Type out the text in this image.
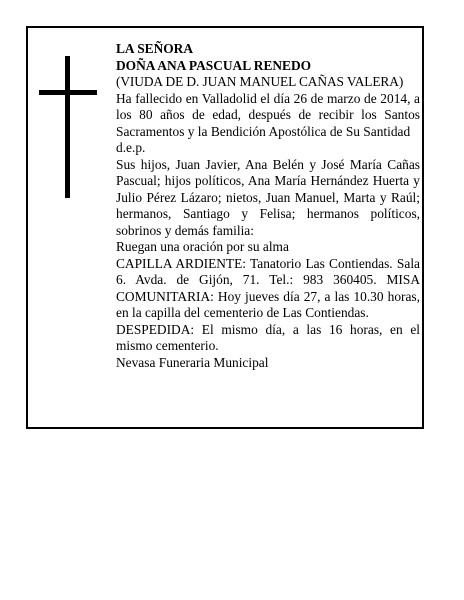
LA SEÑORA

DOÑA ANA PASCUAL RENEDO

(VIUDA DE D. JUAN MANUEL CAÑAS VALERA)

Ha fallecido en Valladolid el día 26 de marzo de 2014, a los 80 años de edad, después de recibir los Santos Sacramentos y la Bendición Apostólica de Su Santidad

d.e.p.

Sus hijos, Juan Javier, Ana Belén y José María Cañas Pascual; hijos políticos, Ana María Hernández Huerta y Julio Pérez Lázaro; nietos, Juan Manuel, Marta y Raúl; hermanos, Santiago y Felisa; hermanos políticos, sobrinos y demás familia:

Ruegan una oración por su alma

CAPILLA ARDIENTE: Tanatorio Las Contiendas. Sala 6. Avda. de Gijón, 71. Tel.: 983 360405. MISA COMUNITARIA: Hoy jueves día 27, a las 10.30 horas, en la capilla del cementerio de Las Contiendas.

DESPEDIDA: El mismo día, a las 16 horas, en el mismo cementerio.

Nevasa Funeraria Municipal
